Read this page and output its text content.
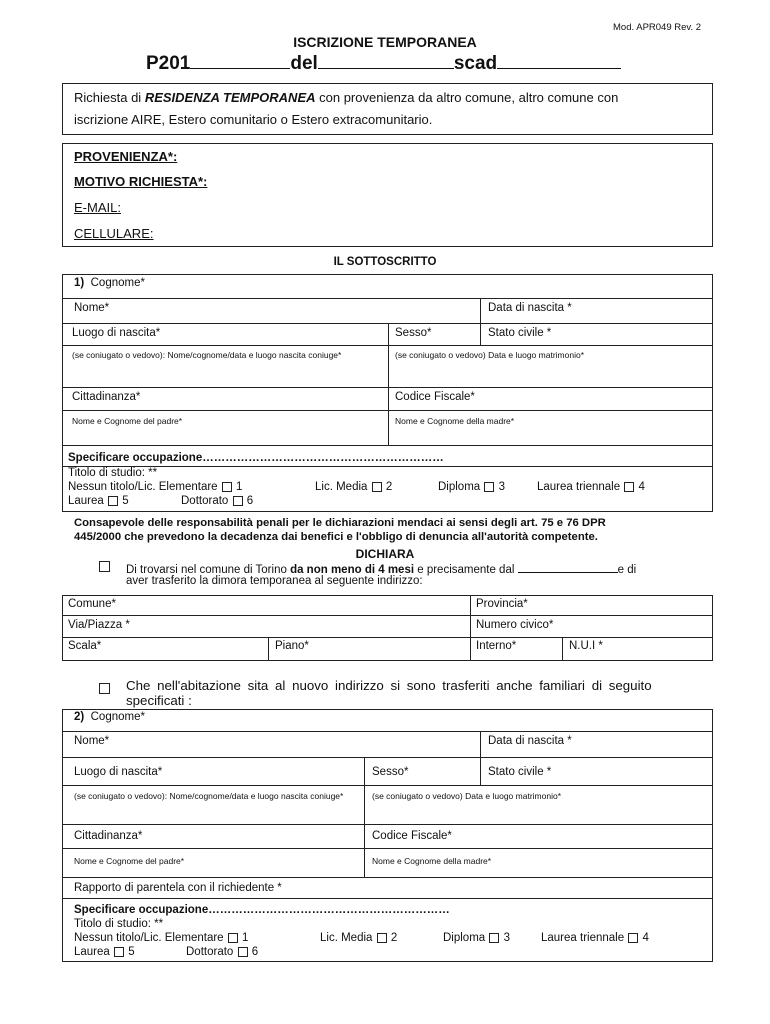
Mod. APR049 Rev. 2
ISCRIZIONE TEMPORANEA
P201	del	scad
Richiesta di RESIDENZA TEMPORANEA con provenienza da altro comune, altro comune con
iscrizione AIRE, Estero comunitario o Estero extracomunitario.
PROVENIENZA*:
MOTIVO RICHIESTA*:
E-MAIL:
CELLULARE:
IL SOTTOSCRITTO
1) Cognome*
Nome*	Data di nascita *
Luogo di nascita*	Sesso*	Stato civile *
(se coniugato o vedovo): Nome/cognome/data e luogo nascita coniuge*	(se coniugato o vedovo) Data e luogo matrimonio*
Cittadinanza*	Codice Fiscale*
Nome e Cognome del padre*	Nome e Cognome della madre*
Specificare occupazione………………………………………………………
Titolo di studio: **
Nessun titolo/Lic. Elementare 1	Lic. Media 2	Diploma 3	Laurea triennale 4
Laurea 5	Dottorato 6
Consapevole delle responsabilità penali per le dichiarazioni mendaci ai sensi degli art. 75 e 76 DPR
445/2000 che prevedono la decadenza dai benefici e l'obbligo di denuncia all'autorità competente.
DICHIARA
Di trovarsi nel comune di Torino da non meno di 4 mesi e precisamente dal	e di
aver trasferito la dimora temporanea al seguente indirizzo:
Comune*	Provincia*
Via/Piazza *	Numero civico*
Scala*	Piano*	Interno*	N.U.I *
Che nell'abitazione sita al nuovo indirizzo si sono trasferiti anche familiari di seguito
specificati :
2) Cognome*
Nome*	Data di nascita *
Luogo di nascita*	Sesso*	Stato civile *
(se coniugato o vedovo): Nome/cognome/data e luogo nascita coniuge*	(se coniugato o vedovo) Data e luogo matrimonio*
Cittadinanza*	Codice Fiscale*
Nome e Cognome del padre*	Nome e Cognome della madre*
Rapporto di parentela con il richiedente *
Specificare occupazione………………………………………………………
Titolo di studio: **
Nessun titolo/Lic. Elementare 1	Lic. Media 2	Diploma 3	Laurea triennale 4
Laurea 5	Dottorato 6
